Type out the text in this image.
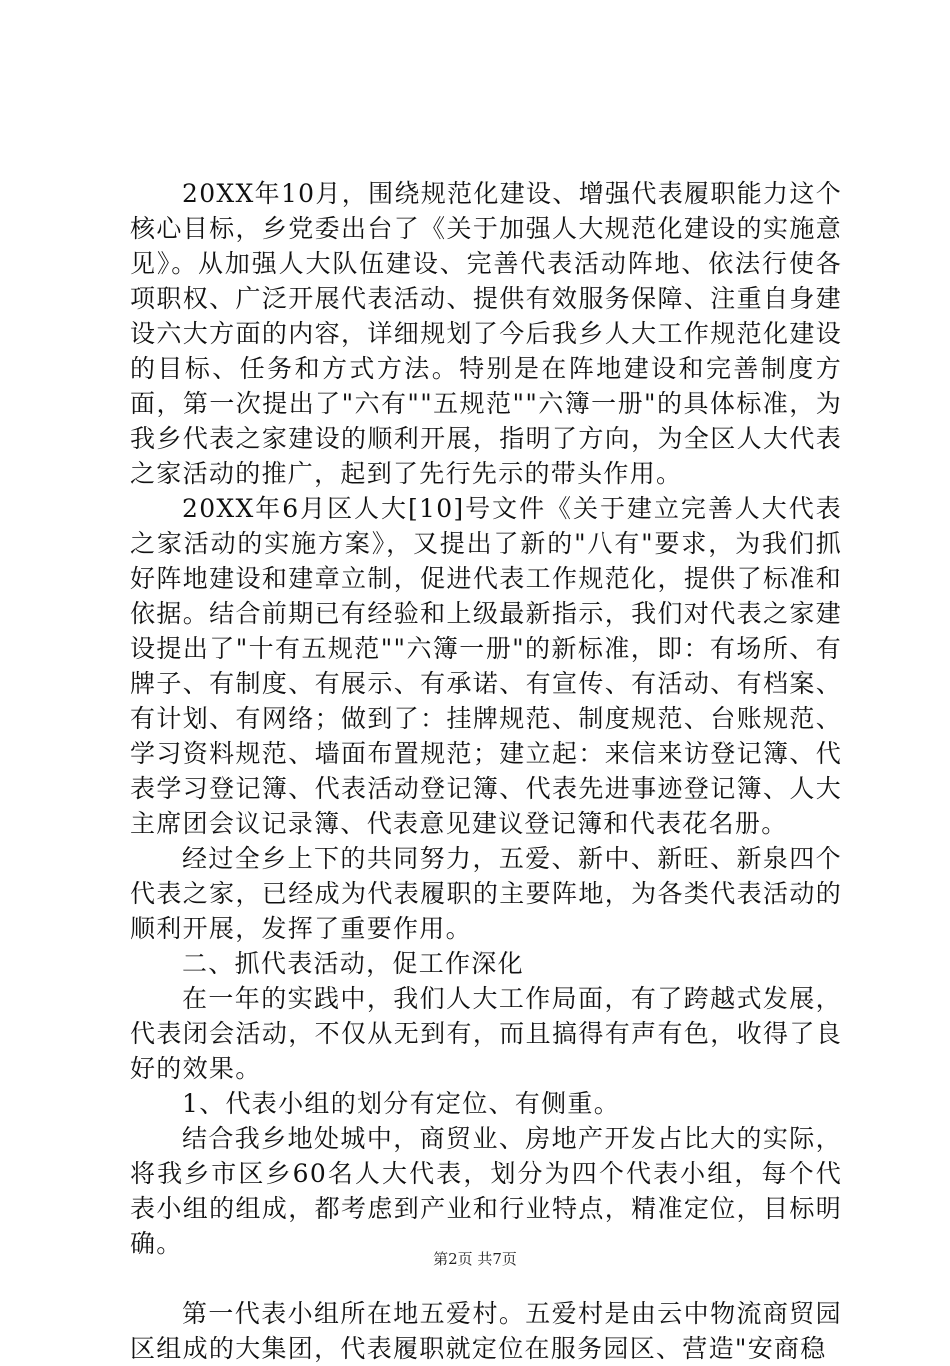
20XX年10月，围绕规范化建设、增强代表履职能力这个核心目标，乡党委出台了《关于加强人大规范化建设的实施意见》。从加强人大队伍建设、完善代表活动阵地、依法行使各项职权、广泛开展代表活动、提供有效服务保障、注重自身建设六大方面的内容，详细规划了今后我乡人大工作规范化建设的目标、任务和方式方法。特别是在阵地建设和完善制度方面，第一次提出了"六有""五规范""六簿一册"的具体标准，为我乡代表之家建设的顺利开展，指明了方向，为全区人大代表之家活动的推广，起到了先行先示的带头作用。

20XX年6月区人大[10]号文件《关于建立完善人大代表之家活动的实施方案》，又提出了新的"八有"要求，为我们抓好阵地建设和建章立制，促进代表工作规范化，提供了标准和依据。结合前期已有经验和上级最新指示，我们对代表之家建设提出了"十有五规范""六簿一册"的新标准，即：有场所、有牌子、有制度、有展示、有承诺、有宣传、有活动、有档案、有计划、有网络；做到了：挂牌规范、制度规范、台账规范、学习资料规范、墙面布置规范；建立起：来信来访登记簿、代表学习登记簿、代表活动登记簿、代表先进事迹登记簿、人大主席团会议记录簿、代表意见建议登记簿和代表花名册。

经过全乡上下的共同努力，五爱、新中、新旺、新泉四个代表之家，已经成为代表履职的主要阵地，为各类代表活动的顺利开展，发挥了重要作用。

二、抓代表活动，促工作深化

在一年的实践中，我们人大工作局面，有了跨越式发展，代表闭会活动，不仅从无到有，而且搞得有声有色，收得了良好的效果。

1、代表小组的划分有定位、有侧重。

结合我乡地处城中，商贸业、房地产开发占比大的实际，将我乡市区乡60名人大代表，划分为四个代表小组，每个代表小组的组成，都考虑到产业和行业特点，精准定位，目标明确。

第一代表小组所在地五爱村。五爱村是由云中物流商贸园区组成的大集团，代表履职就定位在服务园区、营造"安商稳

第2页 共7页
